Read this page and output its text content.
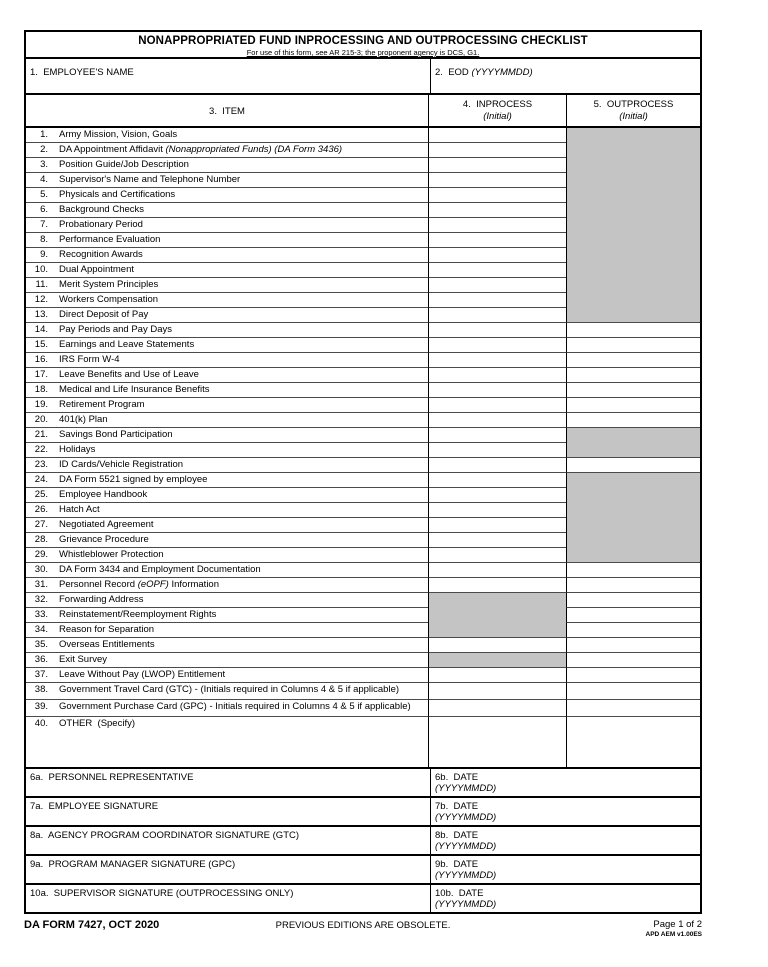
NONAPPROPRIATED FUND INPROCESSING AND OUTPROCESSING CHECKLIST
For use of this form, see AR 215-3; the proponent agency is DCS, G1.
1.  EMPLOYEE'S NAME	2.  EOD (YYYYMMDD)
3.  ITEM
4.  INPROCESS
(Initial)
5.  OUTPROCESS
(Initial)
1. Army Mission, Vision, Goals
2. DA Appointment Affidavit (Nonappropriated Funds) (DA Form 3436)
3. Position Guide/Job Description
4. Supervisor's Name and Telephone Number
5. Physicals and Certifications
6. Background Checks
7. Probationary Period
8. Performance Evaluation
9. Recognition Awards
10. Dual Appointment
11. Merit System Principles
12. Workers Compensation
13. Direct Deposit of Pay
14. Pay Periods and Pay Days
15. Earnings and Leave Statements
16. IRS Form W-4
17. Leave Benefits and Use of Leave
18. Medical and Life Insurance Benefits
19. Retirement Program
20. 401(k) Plan
21. Savings Bond Participation
22. Holidays
23. ID Cards/Vehicle Registration
24. DA Form 5521 signed by employee
25. Employee Handbook
26. Hatch Act
27. Negotiated Agreement
28. Grievance Procedure
29. Whistleblower Protection
30. DA Form 3434 and Employment Documentation
31. Personnel Record (eOPF) Information
32. Forwarding Address
33. Reinstatement/Reemployment Rights
34. Reason for Separation
35. Overseas Entitlements
36. Exit Survey
37. Leave Without Pay (LWOP) Entitlement
38. Government Travel Card (GTC) - (Initials required in Columns 4 & 5 if applicable)
39. Government Purchase Card (GPC) - Initials required in Columns 4 & 5 if applicable)
40. OTHER  (Specify)
6a.  PERSONNEL REPRESENTATIVE	6b.  DATE
(YYYYMMDD)
7a.  EMPLOYEE SIGNATURE	7b.  DATE
(YYYYMMDD)
8a.  AGENCY PROGRAM COORDINATOR SIGNATURE (GTC)	8b.  DATE
(YYYYMMDD)
9a.  PROGRAM MANAGER SIGNATURE (GPC)	9b.  DATE
(YYYYMMDD)
10a.  SUPERVISOR SIGNATURE (OUTPROCESSING ONLY)	10b.  DATE
(YYYYMMDD)
DA FORM 7427, OCT 2020	PREVIOUS EDITIONS ARE OBSOLETE.	Page 1 of 2
APD AEM v1.00ES
